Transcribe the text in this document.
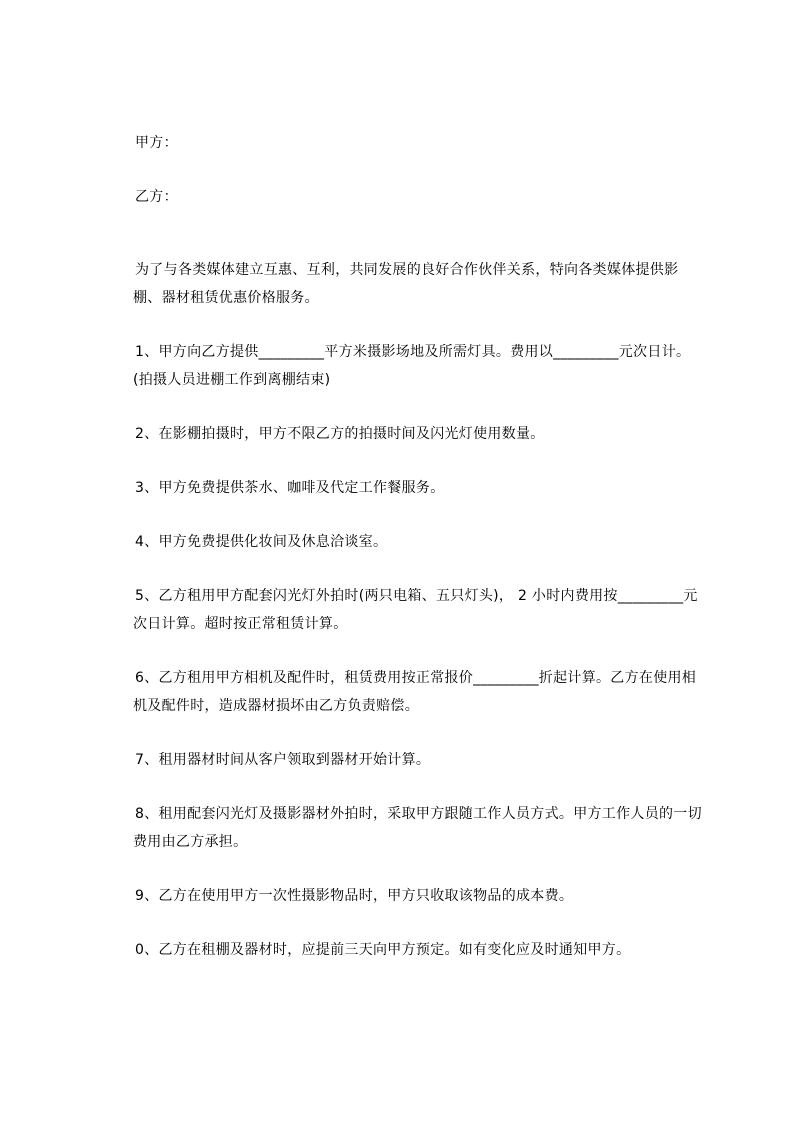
甲方：
乙方：
为了与各类媒体建立互惠、互利，共同发展的良好合作伙伴关系，特向各类媒体提供影棚、器材租赁优惠价格服务。
1、甲方向乙方提供_________平方米摄影场地及所需灯具。费用以_________元次日计。(拍摄人员进棚工作到离棚结束)
2、在影棚拍摄时，甲方不限乙方的拍摄时间及闪光灯使用数量。
3、甲方免费提供茶水、咖啡及代定工作餐服务。
4、甲方免费提供化妆间及休息洽谈室。
5、乙方租用甲方配套闪光灯外拍时(两只电箱、五只灯头)， 2 小时内费用按_________元次日计算。超时按正常租赁计算。
6、乙方租用甲方相机及配件时，租赁费用按正常报价_________折起计算。乙方在使用相机及配件时，造成器材损坏由乙方负责赔偿。
7、租用器材时间从客户领取到器材开始计算。
8、租用配套闪光灯及摄影器材外拍时，采取甲方跟随工作人员方式。甲方工作人员的一切费用由乙方承担。
9、乙方在使用甲方一次性摄影物品时，甲方只收取该物品的成本费。
0、乙方在租棚及器材时，应提前三天向甲方预定。如有变化应及时通知甲方。
